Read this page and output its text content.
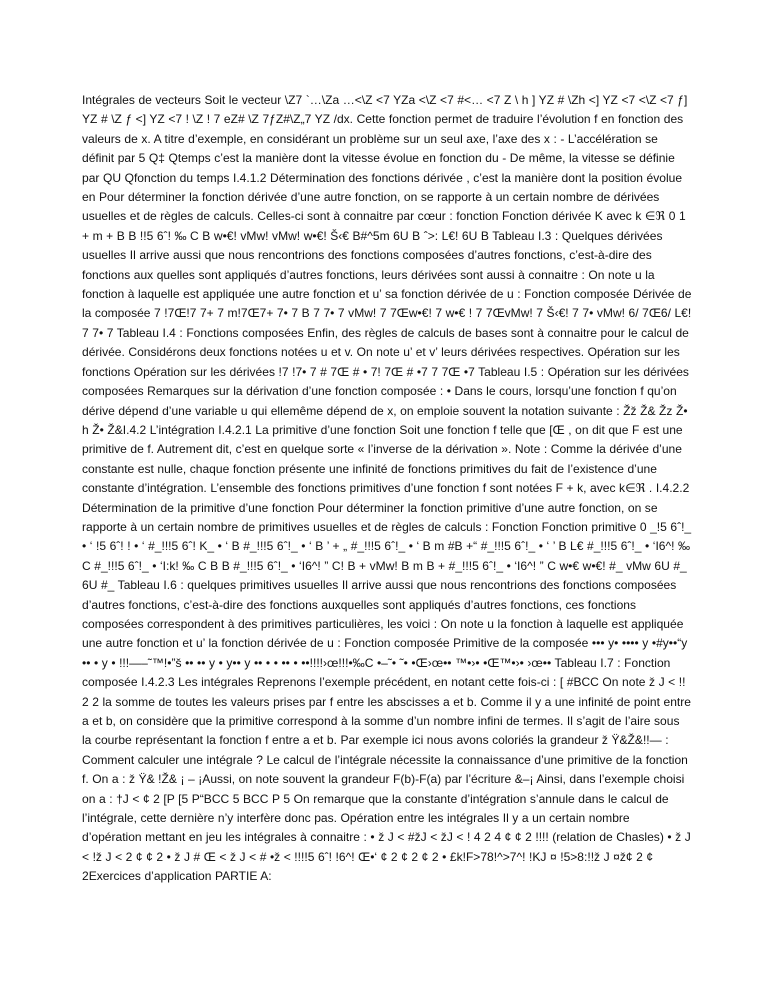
Intégrales de vecteurs Soit le vecteur \Z7 `…\Za …<\Z <7 YZa <\Z <7 #<… <7 Z \ h ] YZ # \Zh <] YZ <7 <\Z <7 ƒ] YZ # \Z ƒ <] YZ <7 ! \Z ! 7 eZ# \Z 7ƒZ#\Z„7 YZ /dx. Cette fonction permet de traduire l’évolution f en fonction des valeurs de x. A titre d’exemple, en considérant un problème sur un seul axe, l’axe des x : - L’accélération se définit par 5 Q‡ Qtemps c’est la manière dont la vitesse évolue en fonction du - De même, la vitesse se définie par QU Qfonction du temps I.4.1.2 Détermination des fonctions dérivée , c’est la manière dont la position évolue en Pour déterminer la fonction dérivée d’une autre fonction, on se rapporte à un certain nombre de dérivées usuelles et de règles de calculs. Celles-ci sont à connaitre par cœur : fonction Fonction dérivée K avec k ∈ℜ 0 1 + m + B B !!5 6ˆ! ‰ C B w•€! vMw! vMw! w•€! Š‹€ B#^5m 6U B ˆ>: L€! 6U B Tableau I.3 : Quelques dérivées usuelles Il arrive aussi que nous rencontrions des fonctions composées d’autres fonctions, c’est-à-dire des fonctions aux quelles sont appliqués d’autres fonctions, leurs dérivées sont aussi à connaitre : On note u la fonction à laquelle est appliquée une autre fonction et u’ sa fonction dérivée de u : Fonction composée Dérivée de la composée 7 !7Œ!7 7+ 7 m!7Œ7+ 7• 7 B 7 7• 7 vMw! 7 7Œw•€! 7 w•€ ! 7 7ŒvMw! 7 Š‹€! 7 7• vMw! 6/ 7Œ6/ L€! 7 7• 7 Tableau I.4 : Fonctions composées Enfin, des règles de calculs de bases sont à connaitre pour le calcul de dérivée. Considérons deux fonctions notées u et v. On note u’ et v’ leurs dérivées respectives. Opération sur les fonctions Opération sur les dérivées !7 !7• 7 # 7Œ # • 7! 7Œ # •7 7 7Œ •7 Tableau I.5 : Opération sur les dérivées composées Remarques sur la dérivation d’une fonction composée : • Dans le cours, lorsqu’une fonction f qu’on dérive dépend d’une variable u qui ellemême dépend de x, on emploie souvent la notation suivante : Žž Ž& Žz Ž• h Ž• Ž&I.4.2 L’intégration I.4.2.1 La primitive d’une fonction Soit une fonction f telle que [Œ , on dit que F est une primitive de f. Autrement dit, c’est en quelque sorte « l’inverse de la dérivation ». Note : Comme la dérivée d’une constante est nulle, chaque fonction présente une infinité de fonctions primitives du fait de l’existence d’une constante d’intégration. L’ensemble des fonctions primitives d’une fonction f sont notées F + k, avec k∈ℜ . I.4.2.2 Détermination de la primitive d’une fonction Pour déterminer la fonction primitive d’une autre fonction, on se rapporte à un certain nombre de primitives usuelles et de règles de calculs : Fonction Fonction primitive 0 _!5 6ˆ!_ • ‘ !5 6ˆ! ! • ‘ #_!!!5 6ˆ! K_ • ‘ B #_!!!5 6ˆ!_ • ‘ B ’ + „ #_!!!5 6ˆ!_ • ‘ B m #B +“ #_!!!5 6ˆ!_ • ‘ ’ B L€ #_!!!5 6ˆ!_ • ‘I6^! ‰ C #_!!!5 6ˆ!_ • ‘I:k! ‰ C B B #_!!!5 6ˆ!_ • ‘I6^! ” C! B + vMw! B m B + #_!!!5 6ˆ!_ • ‘I6^! ” C w•€ w•€! #_ vMw 6U #_ 6U #_ Tableau I.6 : quelques primitives usuelles Il arrive aussi que nous rencontrions des fonctions composées d’autres fonctions, c’est-à-dire des fonctions auxquelles sont appliqués d’autres fonctions, ces fonctions composées correspondent à des primitives particulières, les voici : On note u la fonction à laquelle est appliquée une autre fonction et u’ la fonction dérivée de u : Fonction composée Primitive de la composée ••• y• •••• y •#y••“y •• • y • !!!—–˜™!•”š •• •• y • y•• y •• • • •• • ••!!!!›œ!!!•‰C •–˜• ˜• •Œ›œ•• ™•›• •Œ™•›• ›œ•• Tableau I.7 : Fonction composée I.4.2.3 Les intégrales Reprenons l’exemple précédent, en notant cette fois-ci : [ #BCC On note ž J < !! 2 2 la somme de toutes les valeurs prises par f entre les abscisses a et b. Comme il y a une infinité de point entre a et b, on considère que la primitive correspond à la somme d’un nombre infini de termes. Il s’agit de l’aire sous la courbe représentant la fonction f entre a et b. Par exemple ici nous avons coloriés la grandeur ž Ÿ&Ž&!!— : Comment calculer une intégrale ? Le calcul de l’intégrale nécessite la connaissance d’une primitive de la fonction f. On a : ž Ÿ& !Ž& ¡ – ¡Aussi, on note souvent la grandeur F(b)-F(a) par l’écriture &–¡ Ainsi, dans l’exemple choisi on a : †J < ¢ 2 [P [5 P“BCC 5 BCC P 5 On remarque que la constante d’intégration s’annule dans le calcul de l’intégrale, cette dernière n’y interfère donc pas. Opération entre les intégrales Il y a un certain nombre d’opération mettant en jeu les intégrales à connaitre : • ž J < #žJ < žJ < ! 4 2 4 ¢ ¢ 2 !!!! (relation de Chasles) • ž J < !ž J < 2 ¢ ¢ 2 • ž J # Œ < ž J < # •ž < !!!!5 6ˆ! !6^! Œ•‘ ¢ 2 ¢ 2 ¢ 2 • £k!F>78!^>7^! !KJ ¤ !5>8:!!ž J ¤ž¢ 2 ¢ 2Exercices d’application PARTIE A:
